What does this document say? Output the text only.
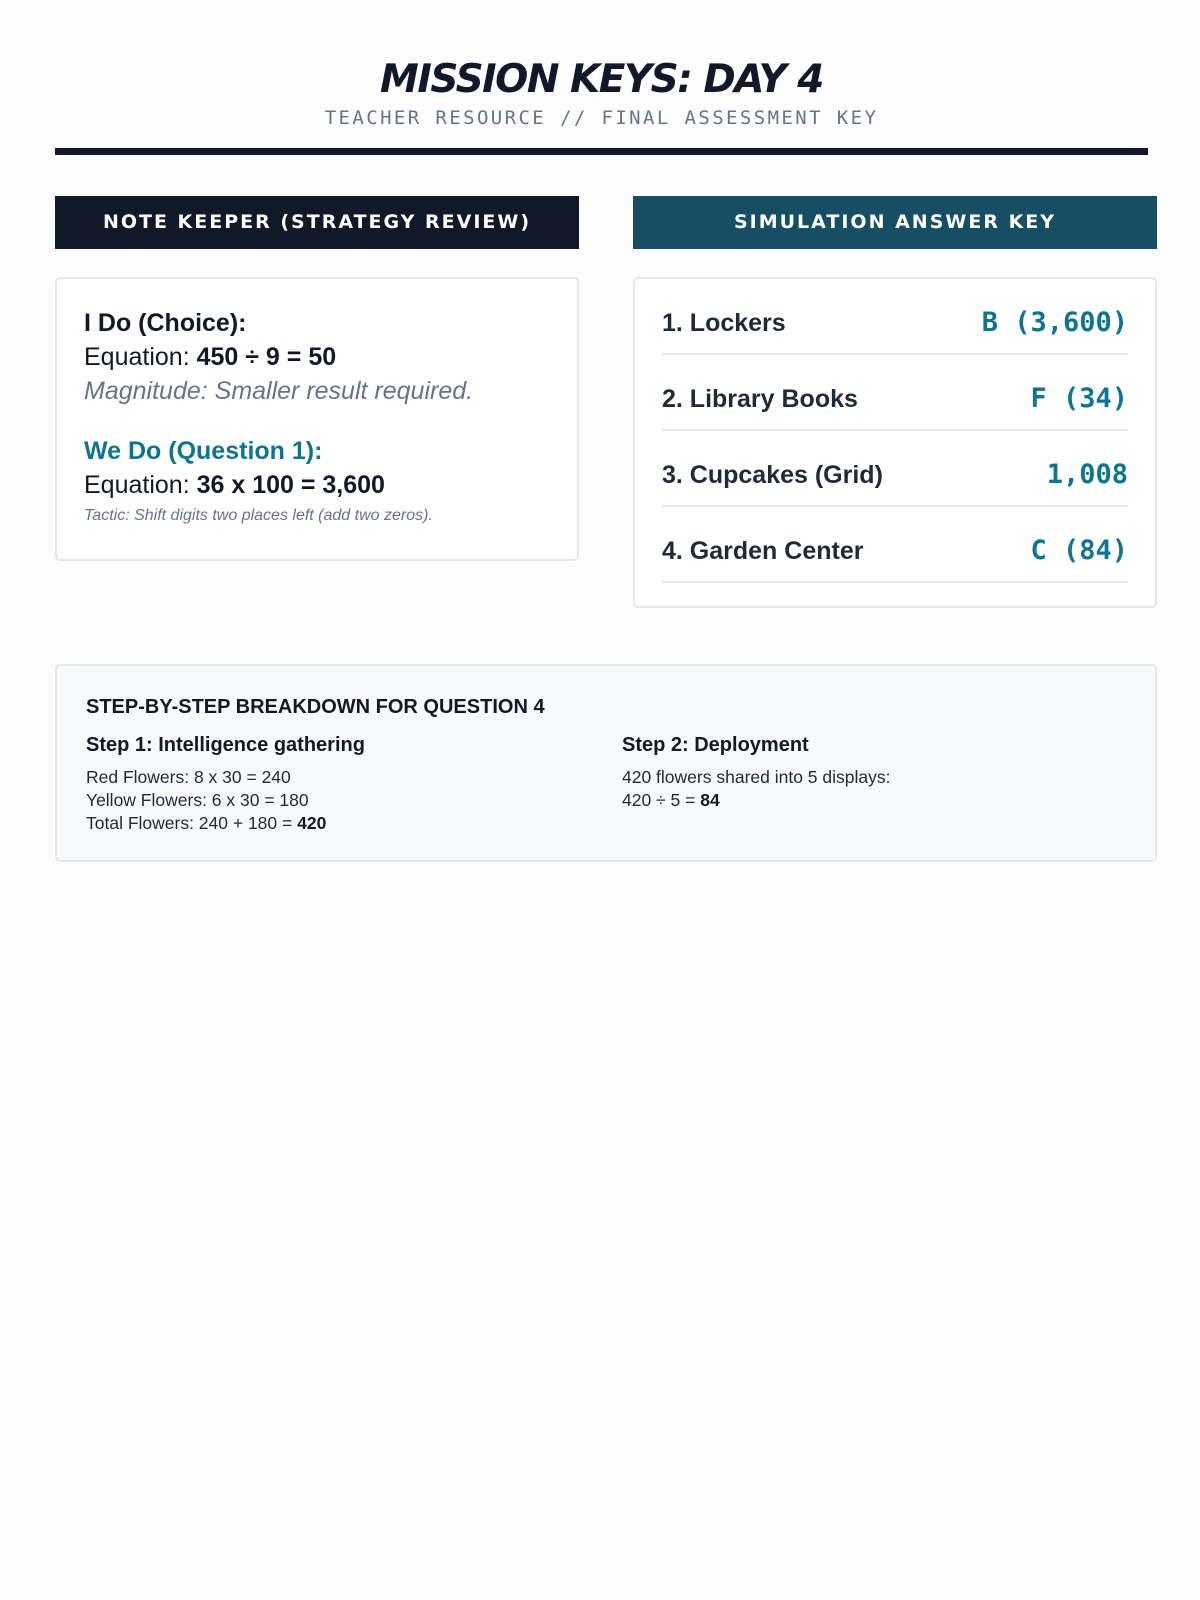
MISSION KEYS: DAY 4
TEACHER RESOURCE // FINAL ASSESSMENT KEY
NOTE KEEPER (STRATEGY REVIEW)	SIMULATION ANSWER KEY
I Do (Choice):
Equation: 450 ÷ 9 = 50
Magnitude: Smaller result required.
We Do (Question 1):
Equation: 36 x 100 = 3,600
Tactic: Shift digits two places left (add two zeros).
1. Lockers	B (3,600)
2. Library Books	F (34)
3. Cupcakes (Grid)	1,008
4. Garden Center	C (84)
STEP-BY-STEP BREAKDOWN FOR QUESTION 4
Step 1: Intelligence gathering
Red Flowers: 8 x 30 = 240
Yellow Flowers: 6 x 30 = 180
Total Flowers: 240 + 180 = 420
Step 2: Deployment
420 flowers shared into 5 displays:
420 ÷ 5 = 84
